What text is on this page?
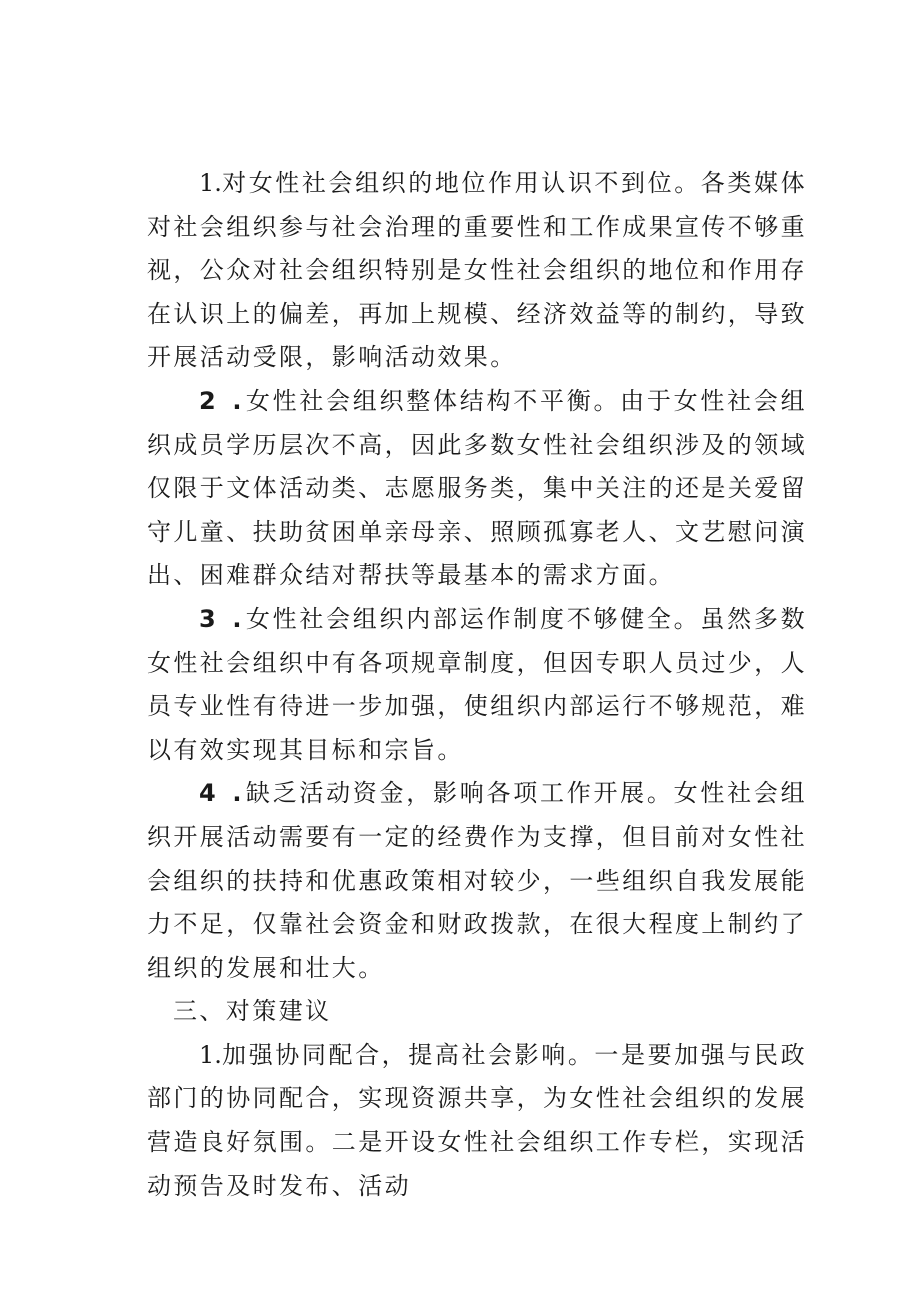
1.对女性社会组织的地位作用认识不到位。各类媒体对社会组织参与社会治理的重要性和工作成果宣传不够重视，公众对社会组织特别是女性社会组织的地位和作用存在认识上的偏差，再加上规模、经济效益等的制约，导致开展活动受限，影响活动效果。

2 .女性社会组织整体结构不平衡。由于女性社会组织成员学历层次不高，因此多数女性社会组织涉及的领域仅限于文体活动类、志愿服务类，集中关注的还是关爱留守儿童、扶助贫困单亲母亲、照顾孤寡老人、文艺慰问演出、困难群众结对帮扶等最基本的需求方面。

3 .女性社会组织内部运作制度不够健全。虽然多数女性社会组织中有各项规章制度，但因专职人员过少，人员专业性有待进一步加强，使组织内部运行不够规范，难以有效实现其目标和宗旨。

4 .缺乏活动资金，影响各项工作开展。女性社会组织开展活动需要有一定的经费作为支撑，但目前对女性社会组织的扶持和优惠政策相对较少，一些组织自我发展能力不足，仅靠社会资金和财政拨款，在很大程度上制约了组织的发展和壮大。

三、对策建议

1.加强协同配合，提高社会影响。一是要加强与民政部门的协同配合，实现资源共享，为女性社会组织的发展营造良好氛围。二是开设女性社会组织工作专栏，实现活动预告及时发布、活动
